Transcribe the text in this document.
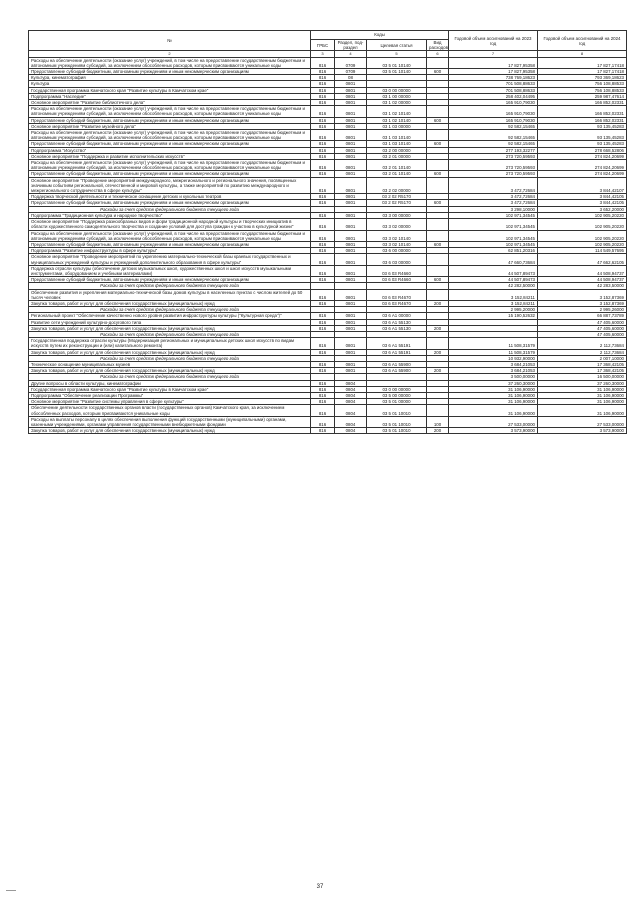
№	Коды				Годовой объем ассигнований на 2023 год	Годовой объем ассигнований на 2024 год
	ГРБС	Раздел, под-раздел	Целевая статья	Вид расходов		
2	3	4	5	6	7	8
Расходы на обеспечение деятельности (оказание услуг) учреждений, в том числе на предоставление государственным бюджетным и автономным учреждениям субсидий, за исключением обособленных расходов, которым присваиваются уникальные коды	816	0709	03 5 01 10140		17 827,95358	17 827,17418
Предоставление субсидий бюджетным, автономным учреждениям и иным некоммерческим организациям	816	0709	03 5 01 10140	600	17 827,95358	17 827,17418
Культура, кинематография	816	08			738 769,18623	793 369,18623
Культура	816	0801			701 508,88633	756 108,88533
Государственная программа Камчатского края "Развитие культуры в Камчатском крае"	816	0801	03 0 00 00000		701 508,88633	756 108,88533
Подпрограмма "Наследие"	816	0801	03 1 00 00000		258 402,04495	259 987,47614
Основное мероприятие "Развитие библиотечного дела"	816	0801	03 1 02 00000		165 910,79030	166 852,02331
Расходы на обеспечение деятельности (оказание услуг) учреждений, в том числе на предоставление государственным бюджетным и автономным учреждениям субсидий, за исключением обособленных расходов, которым присваиваются уникальные коды	816	0801	03 1 02 10140		165 910,79030	166 852,02331
Предоставление субсидий бюджетным, автономным учреждениям и иным некоммерческим организациям	816	0801	03 1 02 10140	600	165 910,79030	166 852,02331
Основное мероприятие "Развитие музейного дела"	816	0801	03 1 03 00000		92 582,15465	93 135,45283
Расходы на обеспечение деятельности (оказание услуг) учреждений, в том числе на предоставление государственным бюджетным и автономным учреждениям субсидий, за исключением обособленных расходов, которым присваиваются уникальные коды	816	0801	03 1 03 10140		92 582,15465	93 135,45283
Предоставление субсидий бюджетным, автономным учреждениям и иным некоммерческим организациям	816	0801	03 1 03 10140	600	92 582,15465	93 135,45283
Подпрограмма "Искусство"	816	0801	03 2 00 00000		277 193,32277	278 668,52806
Основное мероприятие "Поддержка и развитие исполнительских искусств"	816	0801	03 2 01 00000		273 720,59593	274 824,20699
Расходы на обеспечение деятельности (оказание услуг) учреждений, в том числе на предоставление государственным бюджетным и автономным учреждениям субсидий, за исключением обособленных расходов, которым присваиваются уникальные коды	816	0801	03 2 01 10140		273 720,59593	274 824,20699
Предоставление субсидий бюджетным, автономным учреждениям и иным некоммерческим организациям	816	0801	03 2 01 10140	600	273 720,59593	274 824,20699
Основное мероприятие "Проведение мероприятий международного, межрегионального и регионального значения, посвященных значимым событиям региональной, отечественной и мировой культуры, а также мероприятий по развитию международного и межрегионального сотрудничества в сфере культуры"	816	0801	03 2 02 00000		3 472,72684	3 844,42107
Поддержка творческой деятельности и техническое оснащение детских и кукольных театров	816	0801	03 2 02 R5170		3 472,72684	3 844,42105
Предоставление субсидий бюджетным, автономным учреждениям и иным некоммерческим организациям	816	0801	03 2 02 R5170	600	3 472,72684	3 844,42105
Расходы за счет средств федерального бюджета текущего года					3 298,10000	3 652,20000
Подпрограмма "Традиционная культура и народное творчество"	816	0801	03 3 00 00000		102 971,34545	102 905,20220
Основное мероприятие "Поддержка разнообразных видов и форм традиционной народной культуры и творческих инициатив в области художественного самодеятельного творчества и создание условий для доступа граждан к участию в культурной жизни"	816	0801	03 3 02 00000		102 971,34545	102 905,20220
Расходы на обеспечение деятельности (оказание услуг) учреждений, в том числе на предоставление государственным бюджетным и автономным учреждениям субсидий, за исключением обособленных расходов, которым присваиваются уникальные коды	816	0801	03 3 02 10140		102 971,34545	102 905,20220
Предоставление субсидий бюджетным, автономным учреждениям и иным некоммерческим организациям	816	0801	03 3 02 10140	600	102 971,34545	102 905,20220
Подпрограмма "Развитие инфраструктуры в сфере культуры"	816	0801	03 6 00 00000		62 851,20316	114 549,57695
Основное мероприятие "Проведение мероприятий по укреплению материально-технической базы краевых государственных и муниципальных учреждений культуры и учреждений дополнительного образования в сфере культуры"	816	0801	03 6 03 00000		47 660,73684	47 662,62105
Поддержка отрасли культуры (обеспечение детских музыкальных школ, художественных школ и школ искусств музыкальными инструментами, оборудованием и учебными материалами)	816	0801	03 6 03 R4660		44 507,89473	44 508,94737
Предоставление субсидий бюджетным, автономным учреждениям и иным некоммерческим организациям	816	0801	03 6 03 R4660	600	44 507,89473	44 508,94737
Расходы за счет средств федерального бюджета текущего года					42 282,50000	42 283,50000
Обеспечение развития и укрепления материально-технической базы домов культуры в населенных пунктах с числом жителей до 50 тысяч человек	816	0801	03 6 03 R4670		3 152,84211	3 152,87369
Закупка товаров, работ и услуг для обеспечения государственных (муниципальных) нужд	816	0801	03 6 03 R4670	200	3 152,84211	3 152,87369
Расходы за счет средств федерального бюджета текущего года					2 995,20000	2 995,26000
Региональный проект "Обеспечение качественно нового уровня развития инфраструктуры культуры ("Культурная среда")"	816	0801	03 6 A1 00000		15 190,52632	66 887,73789
Развитие сети учреждений культурно-досугового типа	816	0801	03 6 A1 55130			47 405,60000
Закупка товаров, работ и услуг для обеспечения государственных (муниципальных) нужд	816	0801	03 6 A1 55130	200		47 405,60000
Расходы за счет средств федерального бюджета текущего года						47 405,60000
Государственная поддержка отрасли культуры (Модернизация региональных и муниципальных детских школ искусств по видам искусств путем их реконструкции и (или) капитального ремонта)	816	0801	03 6 A1 55191		11 508,31579	2 112,73684
Закупка товаров, работ и услуг для обеспечения государственных (муниципальных) нужд	816	0801	03 6 A1 55191	200	11 508,31579	2 112,73684
Расходы за счет средств федерального бюджета текущего года					10 932,90000	2 007,10000
Техническое оснащение муниципальных музеев	816	0801	03 6 A1 55900		3 684,21053	17 368,42105
Закупка товаров, работ и услуг для обеспечения государственных (муниципальных) нужд	816	0801	03 6 A1 55900	200	3 684,21053	17 368,42105
Расходы за счет средств федерального бюджета текущего года					3 500,00000	16 500,00000
Другие вопросы в области культуры, кинематографии	816	0804			37 260,30000	37 260,30000
Государственная программа Камчатского края "Развитие культуры в Камчатском крае"	816	0804	03 0 00 00000		31 106,90000	31 106,90000
Подпрограмма "Обеспечение реализации Программы"	816	0804	03 5 00 00000		31 106,90000	31 106,90000
Основное мероприятие "Развитие системы управления в сфере культуры"	816	0804	03 5 01 00000		31 106,90000	31 106,90000
Обеспечение деятельности государственных органов власти (государственных органов) Камчатского края, за исключением обособленных расходов, которым присваиваются уникальные коды	816	0804	03 5 01 10010		31 106,90000	31 106,90000
Расходы на выплаты персоналу в целях обеспечения выполнения функций государственными (муниципальными) органами, казенными учреждениями, органами управления государственными внебюджетными фондами	816	0804	03 5 01 10010	100	27 533,00000	27 533,00000
Закупка товаров, работ и услуг для обеспечения государственных (муниципальных) нужд	816	0804	03 5 01 10010	200	3 573,90000	3 573,90000
37
